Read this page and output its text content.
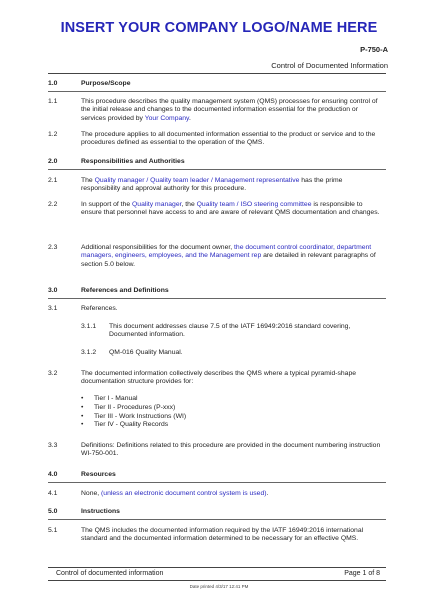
INSERT YOUR COMPANY LOGO/NAME HERE
P-750-A
Control of Documented Information
1.0	Purpose/Scope
1.1	This procedure describes the quality management system (QMS) processes for ensuring control of the initial release and changes to the documented information essential for the production or services provided by Your Company.
1.2	The procedure applies to all documented information essential to the product or service and to the procedures defined as essential to the operation of the QMS.
2.0	Responsibilities and Authorities
2.1	The Quality manager / Quality team leader / Management representative has the prime responsibility and approval authority for this procedure.
2.2	In support of the Quality manager, the Quality team / ISO steering committee is responsible to ensure that personnel have access to and are aware of relevant QMS documentation and changes.
2.3	Additional responsibilities for the document owner, the document control coordinator, department managers, engineers, employees, and the Management rep are detailed in relevant paragraphs of section 5.0 below.
3.0	References and Definitions
3.1	References.
3.1.1 This document addresses clause 7.5 of the IATF 16949:2016 standard covering, Documented information.
3.1.2 QM-016 Quality Manual.
3.2	The documented information collectively describes the QMS where a typical pyramid-shape documentation structure provides for:
• Tier I - Manual
• Tier II - Procedures (P-xxx)
• Tier III - Work Instructions (WI)
• Tier IV - Quality Records
3.3	Definitions: Definitions related to this procedure are provided in the document numbering instruction WI-750-001.
4.0	Resources
4.1	None, (unless an electronic document control system is used).
5.0	Instructions
5.1	The QMS includes the documented information required by the IATF 16949:2016 international standard and the documented information determined to be necessary for an effective QMS.
Control of documented information	Page 1 of 8
Date printed 4/3/17 12:41 PM
